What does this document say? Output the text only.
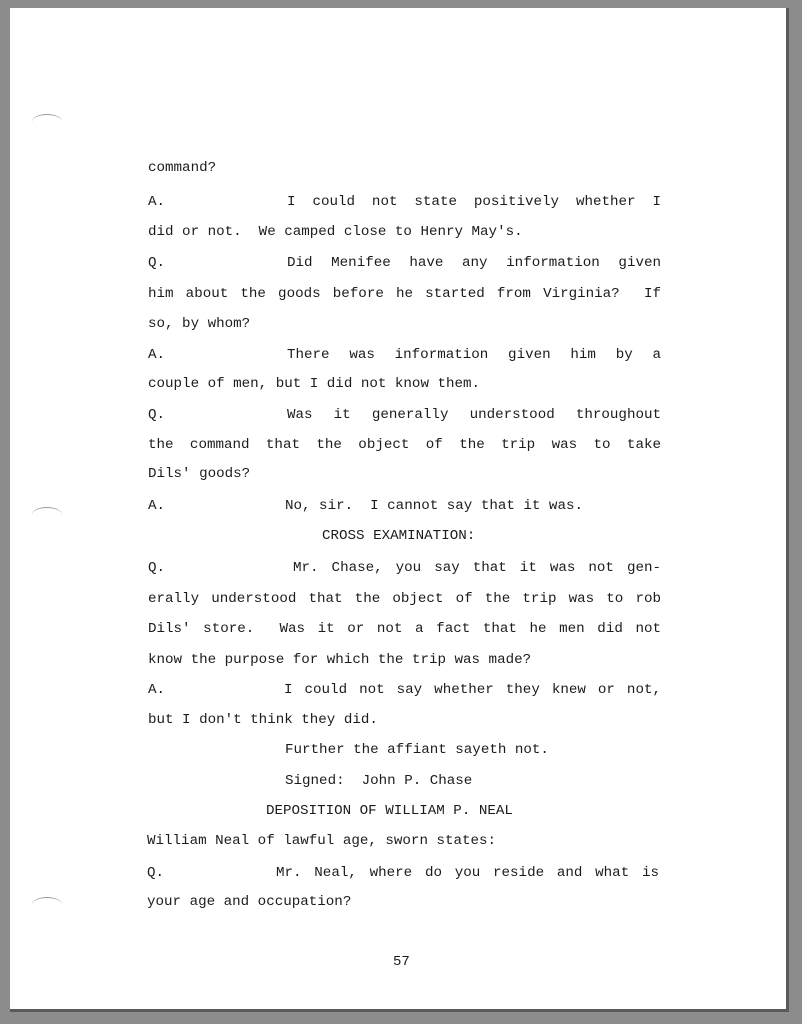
command?
A.	I could not state positively whether I
did or not.  We camped close to Henry May's.
Q.	Did Menifee have any information given
him about the goods before he started from Virginia?  If
so, by whom?
A.	There was information given him by a
couple of men, but I did not know them.
Q.	Was it generally understood throughout
the command that the object of the trip was to take
Dils' goods?
A.	No, sir.  I cannot say that it was.
CROSS EXAMINATION:
Q.	Mr. Chase, you say that it was not gen-
erally understood that the object of the trip was to rob
Dils' store.  Was it or not a fact that he men did not
know the purpose for which the trip was made?
A.	I could not say whether they knew or not,
but I don't think they did.
Further the affiant sayeth not.
Signed:  John P. Chase
DEPOSITION OF WILLIAM P. NEAL
William Neal of lawful age, sworn states:
Q.	Mr. Neal, where do you reside and what is
your age and occupation?
57
